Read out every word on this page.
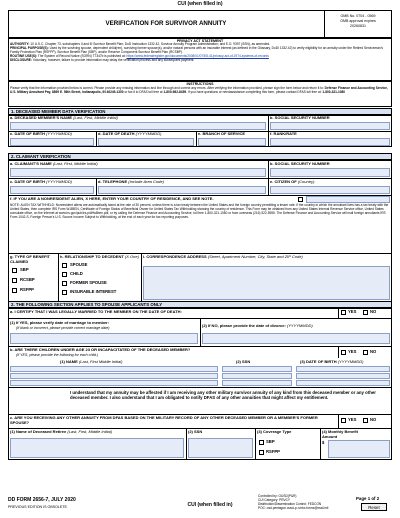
CUI (when filled in)
VERIFICATION FOR SURVIVOR ANNUITY
OMB No. 0704 - 0569
OMB approval expires
20260831
PRIVACY ACT STATEMENT
AUTHORITY: 10 U.S.C. Chapter 73, subchapters II and III Survivor Benefit Plan; DoD Instruction 1332.42, Survivor Annuity Program Administration; and E.O. 9397 (SSN), as amended.
PRINCIPAL PURPOSE(S): Used by the surviving spouse, dependent child(ren), surviving former spouse(s), and/or natural persons with an insurable interest (as defined in the Glossary, DoDI 1332.42) to verify eligibility for an annuity under the Retired Serviceman's Family Protection Plan (RSFPP), Survivor Benefit Plan (SBP), and/or Reserve Component Survivor Benefit Plan (RCSBP).
ROUTINE USE(S): The System of Record Notice (SORN) T7347b is published at: https://www.federalregister.gov/documents/2008/01/07/E8-41/privacy-act-of-1974-systems-of-records
DISCLOSURE: Voluntary; however, failure to provide information may delay the verification process and any subsequent payment.
INSTRUCTIONS
Please verify that the information provided below is correct. Please provide any missing information and line through and correct any errors. After verifying the information provided, please sign the form below and return it to: Defense Finance and Accounting Service, U.S. Military Annuitant Pay, 8899 E. 56th Street, Indianapolis, IN 46249-1300 or fax it to DFAS toll free at 1-800-982-8459. If you have questions or needassistance completing this form, please contact DFAS toll free at: 1-800-321-1080
1. DECEASED MEMBER DATA VERIFICATION
a. DECEASED MEMBER'S NAME (Last, First, Middle Initial)	b. SOCIAL SECURITY NUMBER
c. DATE OF BIRTH (YYYYMMDD)	d. DATE OF DEATH (YYYYMMDD)	e. BRANCH OF SERVICE	f. RANK/RATE
2. CLAIMANT VERIFICATION
a. CLAIMANT'S NAME (Last, First, Middle Initial)	b. SOCIAL SECURITY NUMBER
c. DATE OF BIRTH (YYYYMMDD)	d. TELEPHONE (Include Area Code)	e. CITIZEN OF (Country)
f. IF YOU ARE A NONRESIDENT ALIEN, X HERE, ENTER YOUR COUNTRY OF RESIDENCE, AND SEE NOTE.
NOTE: ALIEN TAX WITHHELD: Nonresident aliens are automatically taxed at the rate of 30 percent, unless there is a tax treaty between the United States and the foreign country permitting a lesser rate. If the country in which the annuitant lives has a tax treaty with the United States, then complete IRS Form W-8BEN, Certificate of Foreign Status of Beneficial Owner for United States Tax Withholding showing the country of residence. This Form may be obtained from any United States Internal Revenue Service office, United States consulate office, on the Internet at www.irs.gov/pub/irs-pdf/fw8ben.pdf, or by calling the Defense Finance and Accounting Service, toll free 1-800-321-1080 or from overseas (216) 522-5955. The Defense Finance and Accounting Service will mail foreign annuitants IRS Form 1042-S, Foreign Person's U.S. Source Income Subject to Withholding, at the end of each year for tax reporting purposes.
g. TYPE OF BENEFIT CLAIMED
SBP
RCSBP
RSFPP
h. RELATIONSHIP TO DECEDENT (X One)
SPOUSE
CHILD
FORMER SPOUSE
INSURABLE INTEREST
i. CORRESPONDENCE ADDRESS (Street, Apartment Number, City, State and ZIP Code)
2. THE FOLLOWING SECTION APPLIES TO SPOUSE APPLICANTS ONLY
a. I CERTIFY THAT I WAS LEGALLY MARRIED TO THE MEMBER ON THE DATE OF DEATH:	YES	NO
(1) If YES, please verify date of marriage to member:
(If blank or incorrect, please provide correct marriage date)	(2) If NO, please provide the date of divorce: (YYYYMMDD)
b. ARE THERE CHILDREN UNDER AGE 23 OR INCAPACITATED OF THE DECEASED MEMBER?
(If YES, please provide the following for each child.)
YES	NO
(1) NAME (Last, First Middle Initial)	(2) SSN	(3) DATE OF BIRTH (YYYYMMDD)
I understand that my annuity may be affected if I am receiving any other military survivor annuity of any kind from this deceased member or any other deceased member. I also understand that I am obligated to notify DFAS of any other annuities that might affect my entitlement.
c. ARE YOU RECEIVING ANY OTHER ANNUITY FROM DFAS BASED ON THE MILITARY RECORD OF ANY OTHER DECEASED MEMBER OR A MEMBER'S FORMER SPOUSE?
YES	NO
(1) Name of Deceased Retiree (Last, First, Middle Initial)	(2) SSN	(3) Coverage Type
SBP
RSFPP
(4) Monthly Benefit Amount
$
DD FORM 2656-7, JULY 2020
PREVIOUS EDITION IS OBSOLETE.	CUI (when filled in)
Controlled by: OUSD(P&R)
CUI Category: PRVCY
Distribution/Dissemination Control: FEDCON
POC: osd.pentagon.ousd-p-r.mbx.forms@mail.mil
Page 1 of 2
Reset
